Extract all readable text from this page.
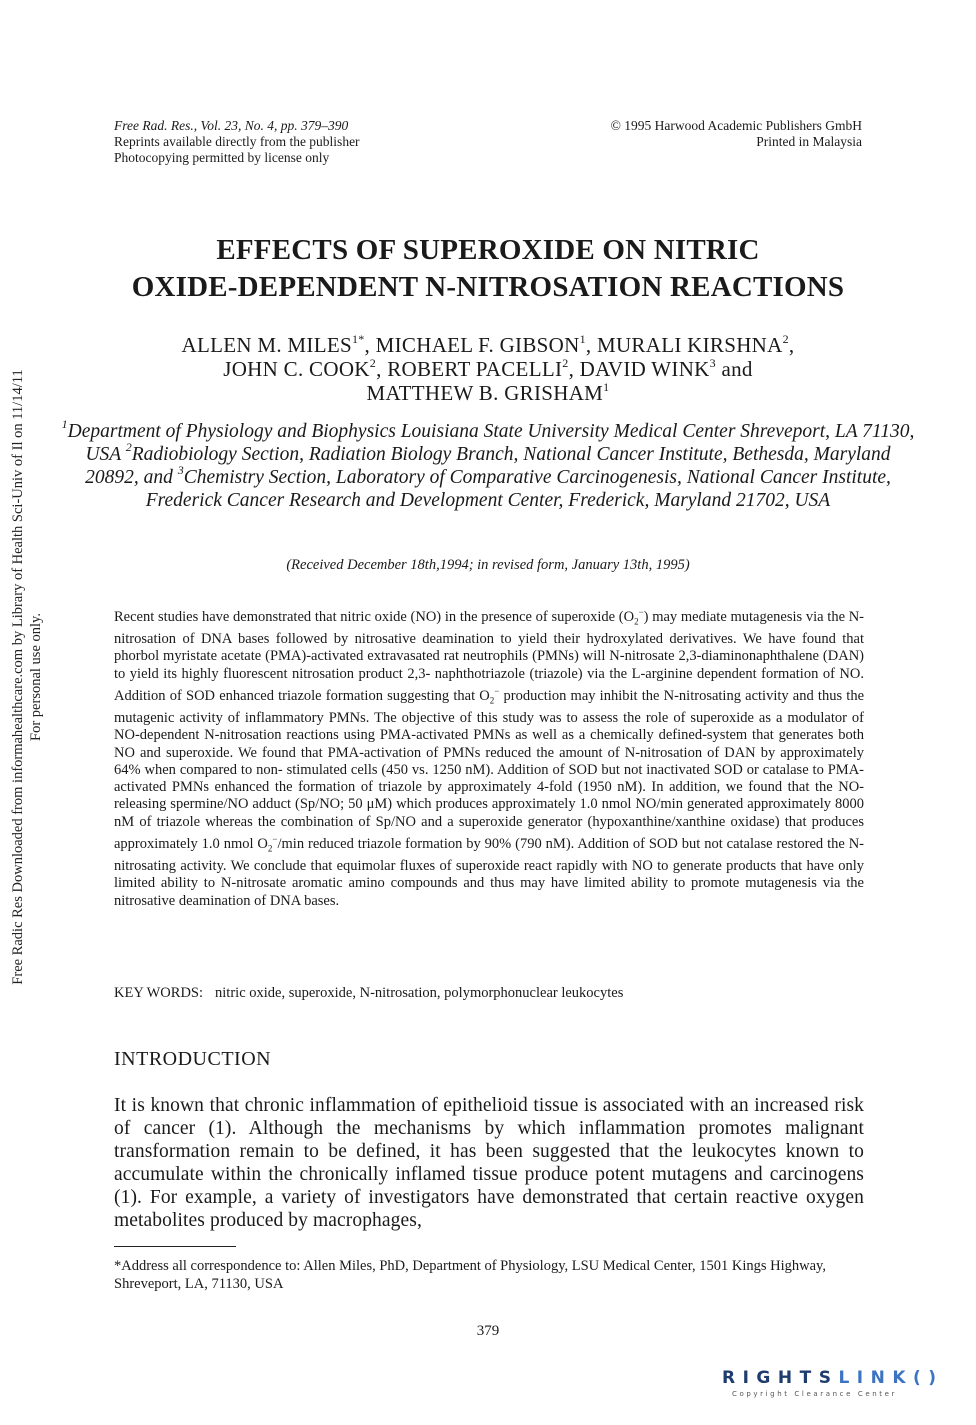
Free Rad. Res., Vol. 23, No. 4, pp. 379–390
Reprints available directly from the publisher
Photocopying permitted by license only
© 1995 Harwood Academic Publishers GmbH
Printed in Malaysia
EFFECTS OF SUPEROXIDE ON NITRIC
OXIDE-DEPENDENT N-NITROSATION REACTIONS
ALLEN M. $MILES^{1*}$, MICHAEL F. GIBSON$^1$, MURALI KIRSHNA$^2$,
JOHN C. COOK$^2$, ROBERT PACELLI$^2$, DAVID WINK$^3$ and
MATTHEW B. GRISHAM$^1$
$^1$Department of Physiology and Biophysics Louisiana State University Medical Center Shreveport, LA 71130, USA $^2$Radiobiology Section, Radiation Biology Branch, National Cancer Institute, Bethesda, Maryland 20892, and $^3$Chemistry Section, Laboratory of Comparative Carcinogenesis, National Cancer Institute, Frederick Cancer Research and Development Center, Frederick, Maryland 21702, USA
(Received December 18th,1994; in revised form, January 13th, 1995)
Recent studies have demonstrated that nitric oxide (NO) in the presence of superoxide $(O_2^-)$ may mediate mutagenesis via the N-nitrosation of DNA bases followed by nitrosative deamination to yield their hydroxylated derivatives. We have found that phorbol myristate acetate (PMA)-activated extravasated rat neutrophils (PMNs) will N-nitrosate 2,3-diaminonaphthalene (DAN) to yield its highly fluorescent nitrosation product 2,3- naphthotriazole (triazole) via the L-arginine dependent formation of NO. Addition of SOD enhanced triazole formation suggesting that $O_2^-$ production may inhibit the N-nitrosating activity and thus the mutagenic activity of inflammatory PMNs. The objective of this study was to assess the role of superoxide as a modulator of NO-dependent N-nitrosation reactions using PMA-activated PMNs as well as a chemically defined-system that generates both NO and superoxide. We found that PMA-activation of PMNs reduced the amount of N-nitrosation of DAN by approximately 64% when compared to non- stimulated cells (450 vs. 1250 nM). Addition of SOD but not inactivated SOD or catalase to PMA-activated PMNs enhanced the formation of triazole by approximately 4-fold (1950 nM). In addition, we found that the NO-releasing spermine/NO adduct (Sp/NO; 50 μM) which produces approximately 1.0 nmol NO/min generated approximately 8000 nM of triazole whereas the combination of Sp/NO and a superoxide generator (hypoxanthine/xanthine oxidase) that produces approximately 1.0 nmol $O_2^-/\min$ reduced triazole formation by 90% (790 nM). Addition of SOD but not catalase restored the N-nitrosating activity. We conclude that equimolar fluxes of superoxide react rapidly with NO to generate products that have only limited ability to N-nitrosate aromatic amino compounds and thus may have limited ability to promote mutagenesis via the nitrosative deamination of DNA bases.
KEY WORDS: nitric oxide, superoxide, N-nitrosation, polymorphonuclear leukocytes
INTRODUCTION
It is known that chronic inflammation of epithelioid tissue is associated with an increased risk of cancer (1). Although the mechanisms by which inflammation promotes malignant transformation remain to be defined, it has been suggested that the leukocytes known to accumulate within the chronically inflamed tissue produce potent mutagens and carcinogens (1). For example, a variety of investigators have demonstrated that certain reactive oxygen metabolites produced by macrophages,
*Address all correspondence to: Allen Miles, PhD, Department of Physiology, LSU Medical Center, 1501 Kings Highway, Shreveport, LA, 71130, USA
379
Free Radic Res Downloaded from informahealthcare.com by Library of Health Sci-Univ of Il on 11/14/11 For personal use only.
RIGHTSLINK()
Copyright Clearance Center
